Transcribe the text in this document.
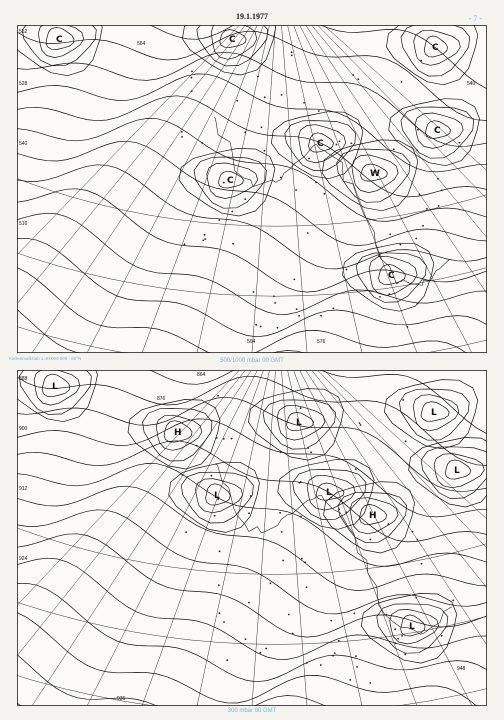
19.1.1977	- 7 -
C	C
C
C
C
C
W
C
552
528
540
516
564
576
504
540
Kartenmaßstab 1:40 000 000 · 60°N	500/1000 mbar 00 GMT
L
H
L
L
H
L
L
L
L
888
900
912
924
876
864
936
948
300 mbar 00 GMT
